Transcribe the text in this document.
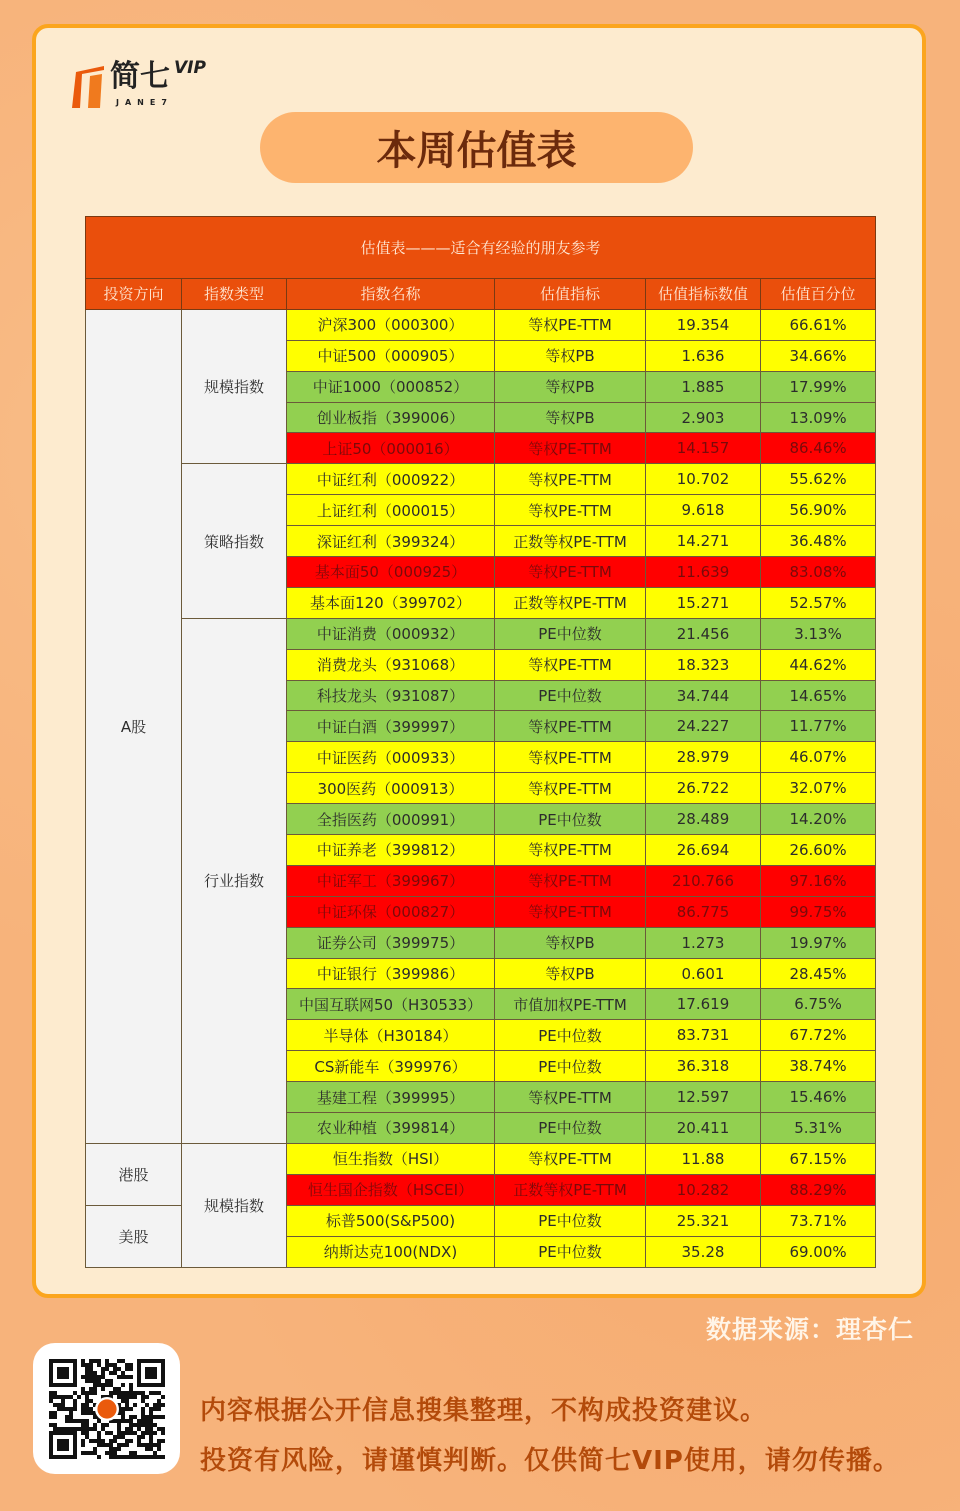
简七 VIP
JANE7
本周估值表
估值表———适合有经验的朋友参考
投资方向	指数类型	指数名称	估值指标	估值指标数值	估值百分位
A股	规模指数	沪深300（000300）	等权PE-TTM	19.354	66.61%
中证500（000905）	等权PB	1.636	34.66%
中证1000（000852）	等权PB	1.885	17.99%
创业板指（399006）	等权PB	2.903	13.09%
上证50（000016）	等权PE-TTM	14.157	86.46%
策略指数	中证红利（000922）	等权PE-TTM	10.702	55.62%
上证红利（000015）	等权PE-TTM	9.618	56.90%
深证红利（399324）	正数等权PE-TTM	14.271	36.48%
基本面50（000925）	等权PE-TTM	11.639	83.08%
基本面120（399702）	正数等权PE-TTM	15.271	52.57%
行业指数	中证消费（000932）	PE中位数	21.456	3.13%
消费龙头（931068）	等权PE-TTM	18.323	44.62%
科技龙头（931087）	PE中位数	34.744	14.65%
中证白酒（399997）	等权PE-TTM	24.227	11.77%
中证医药（000933）	等权PE-TTM	28.979	46.07%
300医药（000913）	等权PE-TTM	26.722	32.07%
全指医药（000991）	PE中位数	28.489	14.20%
中证养老（399812）	等权PE-TTM	26.694	26.60%
中证军工（399967）	等权PE-TTM	210.766	97.16%
中证环保（000827）	等权PE-TTM	86.775	99.75%
证券公司（399975）	等权PB	1.273	19.97%
中证银行（399986）	等权PB	0.601	28.45%
中国互联网50（H30533）	市值加权PE-TTM	17.619	6.75%
半导体（H30184）	PE中位数	83.731	67.72%
CS新能车（399976）	PE中位数	36.318	38.74%
基建工程（399995）	等权PE-TTM	12.597	15.46%
农业种植（399814）	PE中位数	20.411	5.31%
港股	规模指数	恒生指数（HSI）	等权PE-TTM	11.88	67.15%
恒生国企指数（HSCEI）	正数等权PE-TTM	10.282	88.29%
美股	标普500(S&P500)	PE中位数	25.321	73.71%
纳斯达克100(NDX)	PE中位数	35.28	69.00%
数据来源：理杏仁
内容根据公开信息搜集整理，不构成投资建议。
投资有风险，请谨慎判断。仅供简七VIP使用，请勿传播。
